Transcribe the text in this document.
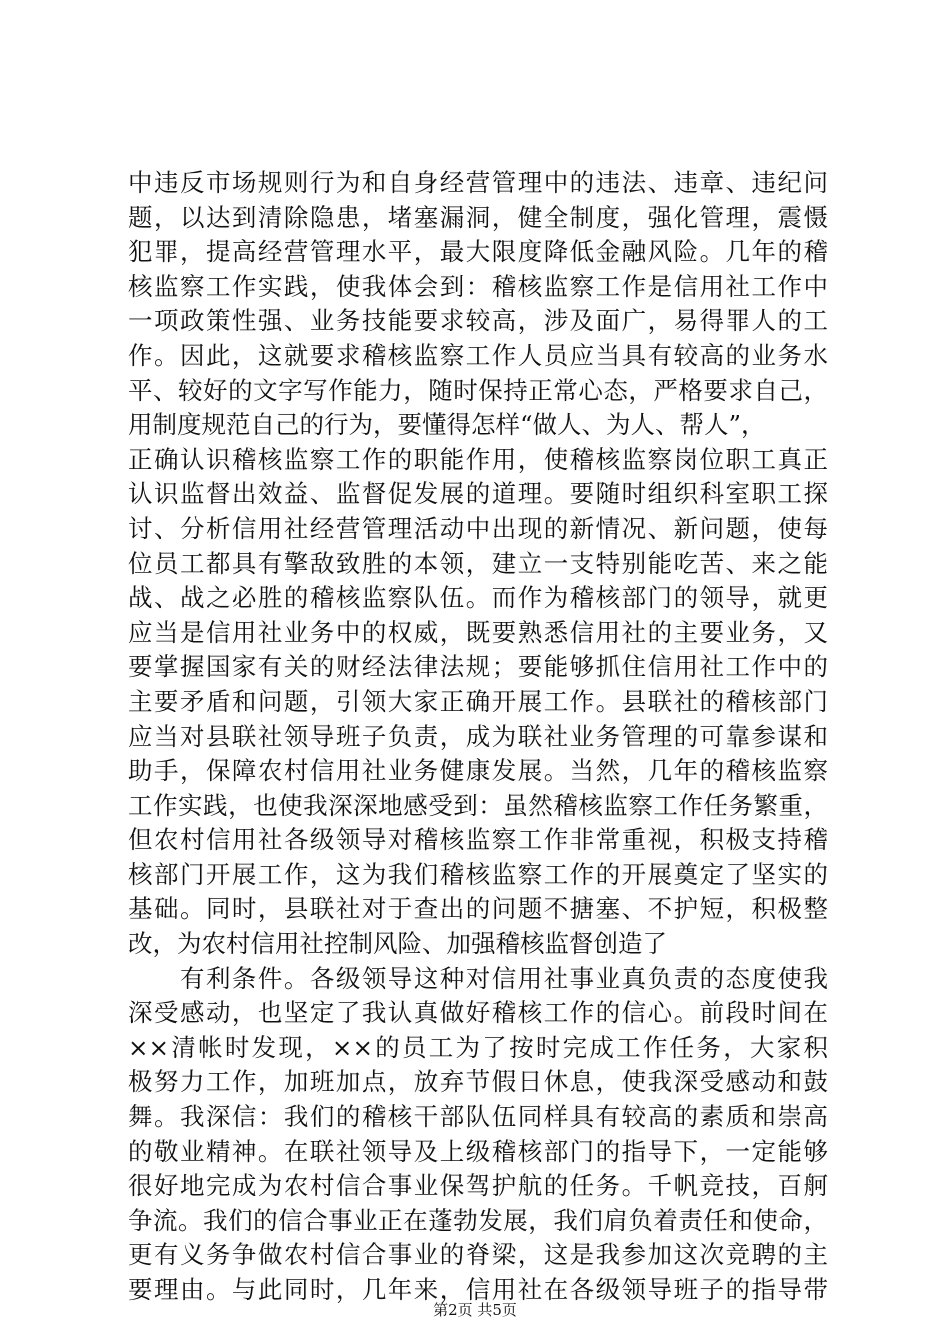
中违反市场规则行为和自身经营管理中的违法、违章、违纪问
题，以达到清除隐患，堵塞漏洞，健全制度，强化管理，震慑
犯罪，提高经营管理水平，最大限度降低金融风险。几年的稽
核监察工作实践，使我体会到：稽核监察工作是信用社工作中
一项政策性强、业务技能要求较高，涉及面广，易得罪人的工
作。因此，这就要求稽核监察工作人员应当具有较高的业务水
平、较好的文字写作能力，随时保持正常心态，严格要求自己，
用制度规范自己的行为，要懂得怎样“做人、为人、帮人”，
正确认识稽核监察工作的职能作用，使稽核监察岗位职工真正
认识监督出效益、监督促发展的道理。要随时组织科室职工探
讨、分析信用社经营管理活动中出现的新情况、新问题，使每
位员工都具有擎敌致胜的本领，建立一支特别能吃苦、来之能
战、战之必胜的稽核监察队伍。而作为稽核部门的领导，就更
应当是信用社业务中的权威，既要熟悉信用社的主要业务，又
要掌握国家有关的财经法律法规；要能够抓住信用社工作中的
主要矛盾和问题，引领大家正确开展工作。县联社的稽核部门
应当对县联社领导班子负责，成为联社业务管理的可靠参谋和
助手，保障农村信用社业务健康发展。当然，几年的稽核监察
工作实践，也使我深深地感受到：虽然稽核监察工作任务繁重，
但农村信用社各级领导对稽核监察工作非常重视，积极支持稽
核部门开展工作，这为我们稽核监察工作的开展奠定了坚实的
基础。同时，县联社对于查出的问题不搪塞、不护短，积极整
改，为农村信用社控制风险、加强稽核监督创造了
　　有利条件。各级领导这种对信用社事业真负责的态度使我
深受感动，也坚定了我认真做好稽核工作的信心。前段时间在
××清帐时发现，××的员工为了按时完成工作任务，大家积
极努力工作，加班加点，放弃节假日休息，使我深受感动和鼓
舞。我深信：我们的稽核干部队伍同样具有较高的素质和崇高
的敬业精神。在联社领导及上级稽核部门的指导下，一定能够
很好地完成为农村信合事业保驾护航的任务。千帆竞技，百舸
争流。我们的信合事业正在蓬勃发展，我们肩负着责任和使命，
更有义务争做农村信合事业的脊梁，这是我参加这次竞聘的主
要理由。与此同时，几年来，信用社在各级领导班子的指导带
第2页 共5页
